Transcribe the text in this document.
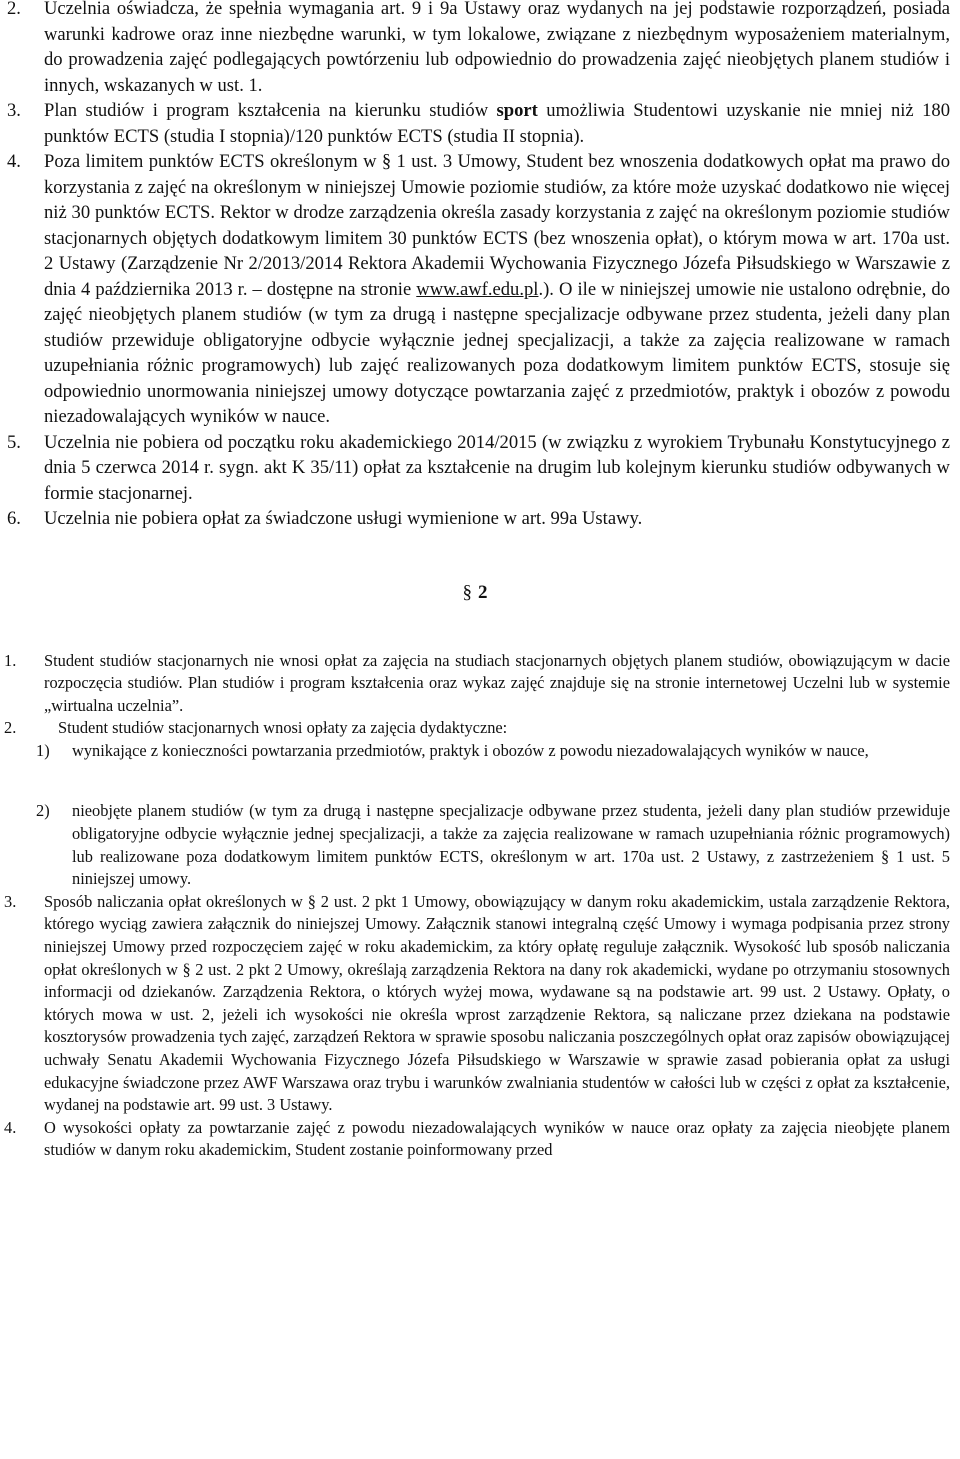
2. Uczelnia oświadcza, że spełnia wymagania art. 9 i 9a Ustawy oraz wydanych na jej podstawie rozporządzeń, posiada warunki kadrowe oraz inne niezbędne warunki, w tym lokalowe, związane z niezbędnym wyposażeniem materialnym, do prowadzenia zajęć podlegających powtórzeniu lub odpowiednio do prowadzenia zajęć nieobjętych planem studiów i innych, wskazanych w ust. 1.
3. Plan studiów i program kształcenia na kierunku studiów sport umożliwia Studentowi uzyskanie nie mniej niż 180 punktów ECTS (studia I stopnia)/120 punktów ECTS (studia II stopnia).
4. Poza limitem punktów ECTS określonym w § 1 ust. 3 Umowy, Student bez wnoszenia dodatkowych opłat ma prawo do korzystania z zajęć na określonym w niniejszej Umowie poziomie studiów, za które może uzyskać dodatkowo nie więcej niż 30 punktów ECTS. Rektor w drodze zarządzenia określa zasady korzystania z zajęć na określonym poziomie studiów stacjonarnych objętych dodatkowym limitem 30 punktów ECTS (bez wnoszenia opłat), o którym mowa w art. 170a ust. 2 Ustawy (Zarządzenie Nr 2/2013/2014 Rektora Akademii Wychowania Fizycznego Józefa Piłsudskiego w Warszawie z dnia 4 października 2013 r. – dostępne na stronie www.awf.edu.pl.). O ile w niniejszej umowie nie ustalono odrębnie, do zajęć nieobjętych planem studiów (w tym za drugą i następne specjalizacje odbywane przez studenta, jeżeli dany plan studiów przewiduje obligatoryjne odbycie wyłącznie jednej specjalizacji, a także za zajęcia realizowane w ramach uzupełniania różnic programowych) lub zajęć realizowanych poza dodatkowym limitem punktów ECTS, stosuje się odpowiednio unormowania niniejszej umowy dotyczące powtarzania zajęć z przedmiotów, praktyk i obozów z powodu niezadowalających wyników w nauce.
5. Uczelnia nie pobiera od początku roku akademickiego 2014/2015 (w związku z wyrokiem Trybunału Konstytucyjnego z dnia 5 czerwca 2014 r. sygn. akt K 35/11) opłat za kształcenie na drugim lub kolejnym kierunku studiów odbywanych w formie stacjonarnej.
6. Uczelnia nie pobiera opłat za świadczone usługi wymienione w art. 99a Ustawy.
§ 2
1. Student studiów stacjonarnych nie wnosi opłat za zajęcia na studiach stacjonarnych objętych planem studiów, obowiązującym w dacie rozpoczęcia studiów. Plan studiów i program kształcenia oraz wykaz zajęć znajduje się na stronie internetowej Uczelni lub w systemie „wirtualna uczelnia”.
2.	Student studiów stacjonarnych wnosi opłaty za zajęcia dydaktyczne:
1) wynikające z konieczności powtarzania przedmiotów, praktyk i obozów z powodu niezadowalających wyników w nauce,
2) nieobjęte planem studiów (w tym za drugą i następne specjalizacje odbywane przez studenta, jeżeli dany plan studiów przewiduje obligatoryjne odbycie wyłącznie jednej specjalizacji, a także za zajęcia realizowane w ramach uzupełniania różnic programowych) lub realizowane poza dodatkowym limitem punktów ECTS, określonym w art. 170a ust. 2 Ustawy, z zastrzeżeniem § 1 ust. 5 niniejszej umowy.
3. Sposób naliczania opłat określonych w § 2 ust. 2 pkt 1 Umowy, obowiązujący w danym roku akademickim, ustala zarządzenie Rektora, którego wyciąg zawiera załącznik do niniejszej Umowy. Załącznik stanowi integralną część Umowy i wymaga podpisania przez strony niniejszej Umowy przed rozpoczęciem zajęć w roku akademickim, za który opłatę reguluje załącznik. Wysokość lub sposób naliczania opłat określonych w § 2 ust. 2 pkt 2 Umowy, określają zarządzenia Rektora na dany rok akademicki, wydane po otrzymaniu stosownych informacji od dziekanów. Zarządzenia Rektora, o których wyżej mowa, wydawane są na podstawie art. 99 ust. 2 Ustawy. Opłaty, o których mowa w ust. 2, jeżeli ich wysokości nie określa wprost zarządzenie Rektora, są naliczane przez dziekana na podstawie kosztorysów prowadzenia tych zajęć, zarządzeń Rektora w sprawie sposobu naliczania poszczególnych opłat oraz zapisów obowiązującej uchwały Senatu Akademii Wychowania Fizycznego Józefa Piłsudskiego w Warszawie w sprawie zasad pobierania opłat za usługi edukacyjne świadczone przez AWF Warszawa oraz trybu i warunków zwalniania studentów w całości lub w części z opłat za kształcenie, wydanej na podstawie art. 99 ust. 3 Ustawy.
4. O wysokości opłaty za powtarzanie zajęć z powodu niezadowalających wyników w nauce oraz opłaty za zajęcia nieobjęte planem studiów w danym roku akademickim, Student zostanie poinformowany przed
